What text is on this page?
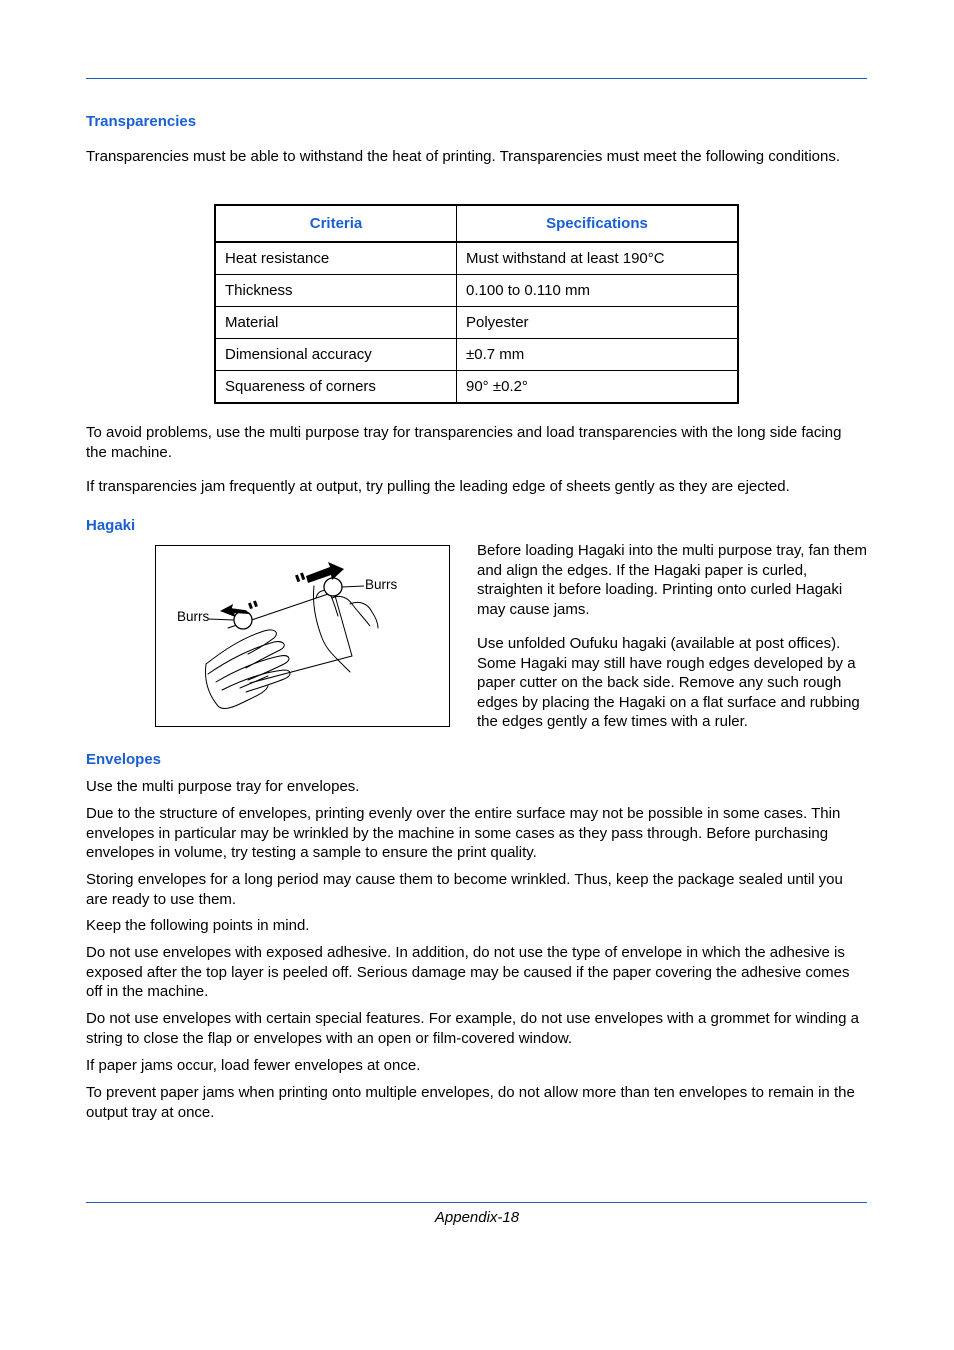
Transparencies

Transparencies must be able to withstand the heat of printing. Transparencies must meet the following conditions.

Criteria	Specifications
Heat resistance	Must withstand at least 190°C
Thickness	0.100 to 0.110 mm
Material	Polyester
Dimensional accuracy	±0.7 mm
Squareness of corners	90° ±0.2°

To avoid problems, use the multi purpose tray for transparencies and load transparencies with the long side facing the machine.

If transparencies jam frequently at output, try pulling the leading edge of sheets gently as they are ejected.

Hagaki
Burrs
Burrs

Before loading Hagaki into the multi purpose tray, fan them and align the edges. If the Hagaki paper is curled, straighten it before loading. Printing onto curled Hagaki may cause jams.

Use unfolded Oufuku hagaki (available at post offices). Some Hagaki may still have rough edges developed by a paper cutter on the back side. Remove any such rough edges by placing the Hagaki on a flat surface and rubbing the edges gently a few times with a ruler.

Envelopes

Use the multi purpose tray for envelopes.

Due to the structure of envelopes, printing evenly over the entire surface may not be possible in some cases. Thin envelopes in particular may be wrinkled by the machine in some cases as they pass through. Before purchasing envelopes in volume, try testing a sample to ensure the print quality.

Storing envelopes for a long period may cause them to become wrinkled. Thus, keep the package sealed until you are ready to use them.

Keep the following points in mind.

Do not use envelopes with exposed adhesive. In addition, do not use the type of envelope in which the adhesive is exposed after the top layer is peeled off. Serious damage may be caused if the paper covering the adhesive comes off in the machine.

Do not use envelopes with certain special features. For example, do not use envelopes with a grommet for winding a string to close the flap or envelopes with an open or film-covered window.

If paper jams occur, load fewer envelopes at once.

To prevent paper jams when printing onto multiple envelopes, do not allow more than ten envelopes to remain in the output tray at once.

Appendix-18
